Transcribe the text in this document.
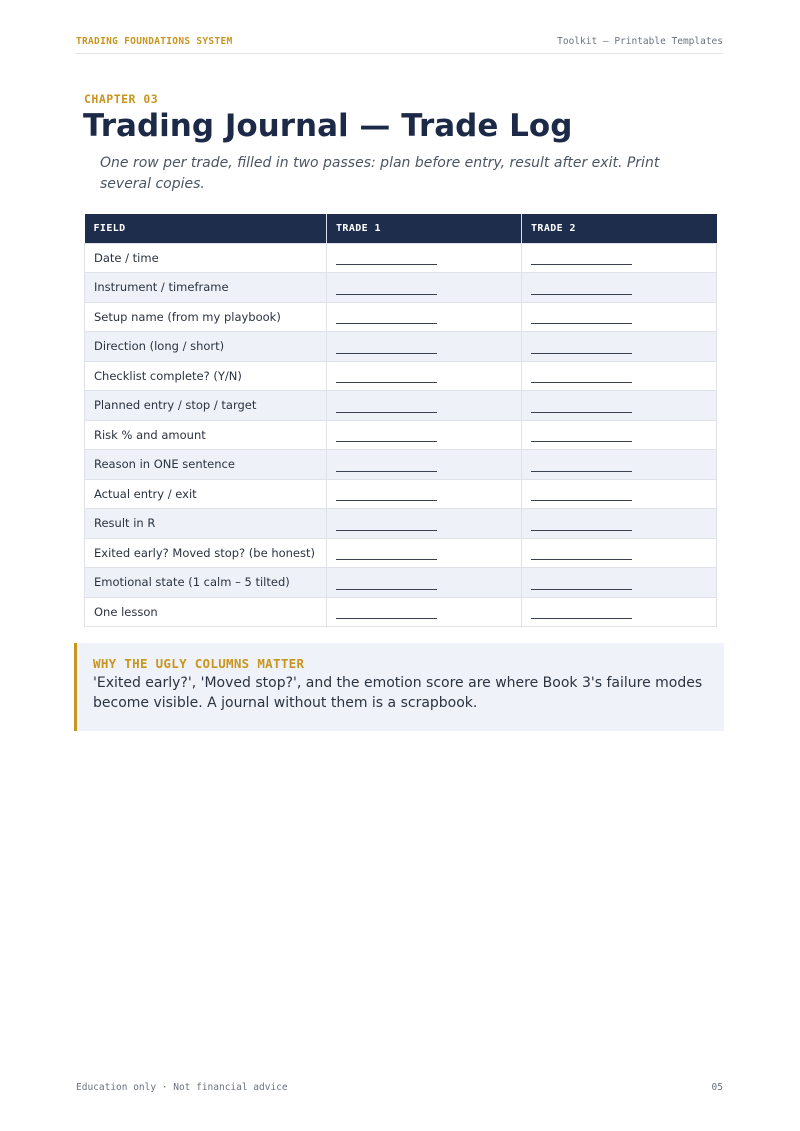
TRADING FOUNDATIONS SYSTEM	Toolkit — Printable Templates
CHAPTER 03
Trading Journal — Trade Log

One row per trade, filled in two passes: plan before entry, result after exit. Print several copies.

FIELD	TRADE 1	TRADE 2
Date / time		
Instrument / timeframe		
Setup name (from my playbook)		
Direction (long / short)		
Checklist complete? (Y/N)		
Planned entry / stop / target		
Risk % and amount		
Reason in ONE sentence		
Actual entry / exit		
Result in R		
Exited early? Moved stop? (be honest)		
Emotional state (1 calm – 5 tilted)		
One lesson		
WHY THE UGLY COLUMNS MATTER
'Exited early?', 'Moved stop?', and the emotion score are where Book 3's failure modes become visible. A journal without them is a scrapbook.
Education only · Not financial advice	05
